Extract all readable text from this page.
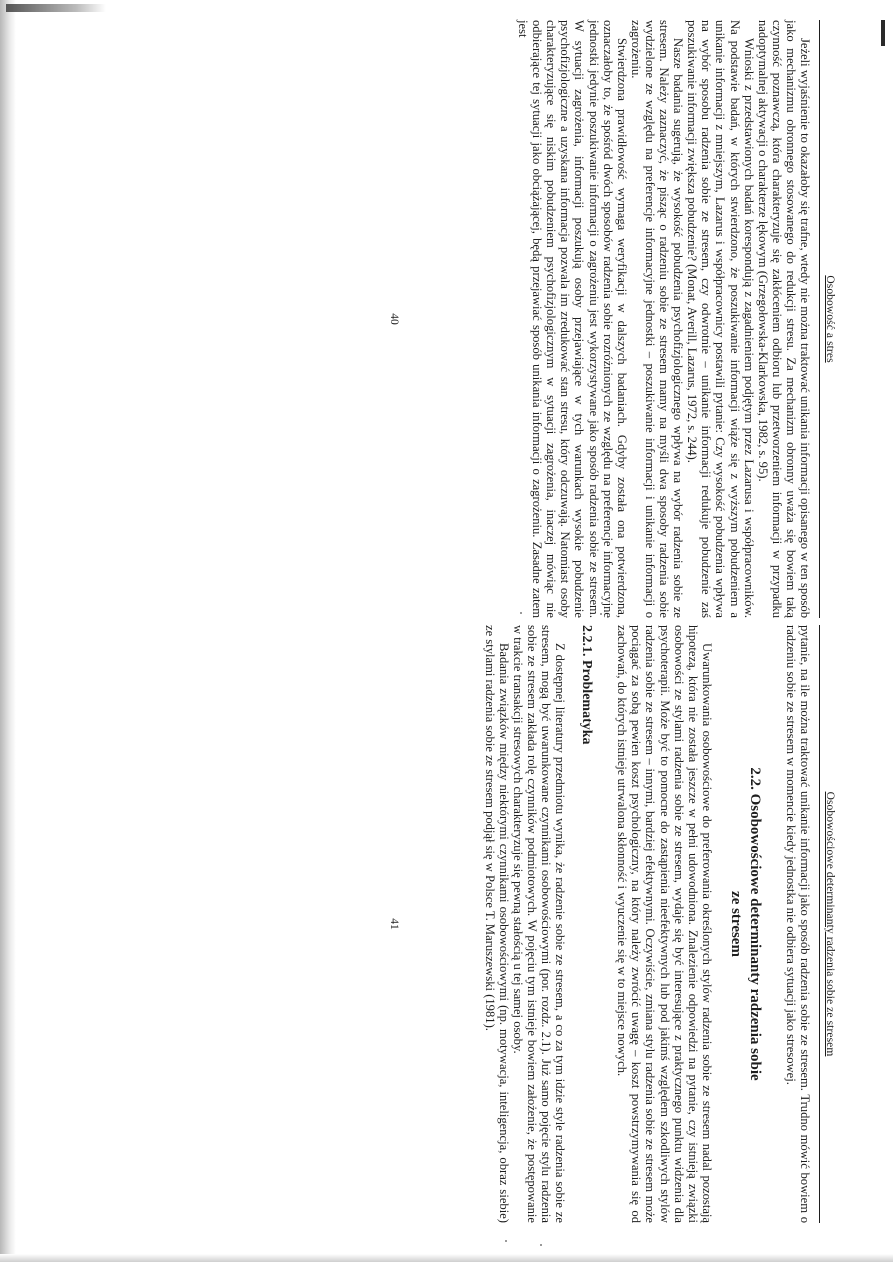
Osobowość a stres

Jeżeli wyjaśnienie to okazałoby się trafne, wtedy nie można traktować unikania informacji opisanego w ten sposób jako mechanizmu obronnego stosowanego do redukcji stresu. Za mechanizm obronny uważa się bowiem taką czynność poznawczą, która charakteryzuje się zakłóceniem odbioru lub przetworzeniem informacji w przypadku nadoptymalnej aktywacji o charakterze lękowym (Grzegołowska-Klarkowska, 1982, s. 95).

Wnioski z przedstawionych badań korespondują z zagadnieniem podjętym przez Lazarusa i współpracowników. Na podstawie badań, w których stwierdzono, że poszukiwanie informacji wiąże się z wyższym pobudzeniem a unikanie informacji z mniejszym, Lazarus i współpracownicy postawili pytanie: Czy wysokość pobudzenia wpływa na wybór sposobu radzenia sobie ze stresem, czy odwrotnie – unikanie informacji redukuje pobudzenie zaś poszukiwanie informacji zwiększa pobudzenie? (Monat, Averill, Lazarus, 1972, s. 244).

Nasze badania sugerują, że wysokość pobudzenia psychofizjologicznego wpływa na wybór radzenia sobie ze stresem. Należy zaznaczyć, że pisząc o radzeniu sobie ze stresem mamy na myśli dwa sposoby radzenia sobie wydzielone ze względu na preferencje informacyjne jednostki – poszukiwanie informacji i unikanie informacji o zagrożeniu.

Stwierdzona prawidłowość wymaga weryfikacji w dalszych badaniach. Gdyby została ona potwierdzona, oznaczałoby to, że spośród dwóch sposobów radzenia sobie rozróżnionych ze względu na preferencje informacyjne jednostki jedynie poszukiwanie informacji o zagrożeniu jest wykorzystywane jako sposób radzenia sobie ze stresem. W sytuacji zagrożenia, informacji poszukują osoby przejawiające w tych warunkach wysokie pobudzenie psychofizjologiczne a uzyskana informacja pozwala im zredukować stan stresu, który odczuwają. Natomiast osoby charakteryzujące się niskim pobudzeniem psychofizjologicznym w sytuacji zagrożenia, inaczej mówiąc nie odbierające tej sytuacji jako obciążającej, będą przejawiać sposób unikania informacji o zagrożeniu. Zasadne zatem jest

40
Osobowościowe determinanty radzenia sobie ze stresem

pytanie, na ile można traktować unikanie informacji jako sposób radzenia sobie ze stresem. Trudno mówić bowiem o radzeniu sobie ze stresem w momencie kiedy jednostka nie odbiera sytuacji jako stresowej.

2.2. Osobowościowe determinanty radzenia sobie
ze stresem

Uwarunkowania osobowościowe do preferowania określonych stylów radzenia sobie ze stresem nadal pozostają hipotezą, która nie została jeszcze w pełni udowodniona. Znalezienie odpowiedzi na pytanie, czy istnieją związki osobowości ze stylami radzenia sobie ze stresem, wydaje się być interesujące z praktycznego punktu widzenia dla psychoterapii. Może być to pomocne do zastąpienia nieefektywnych lub pod jakimś względem szkodliwych stylów radzenia sobie ze stresem – innymi, bardziej efektywnymi. Oczywiście, zmiana stylu radzenia sobie ze stresem może pociągać za sobą pewien koszt psychologiczny, na który należy zwrócić uwagę – koszt powstrzymywania się od zachowań, do których istnieje utrwalona skłonność i wyuczenie się w to miejsce nowych.

2.2.1. Problematyka

Z dostępnej literatury przedmiotu wynika, że radzenie sobie ze stresem, a co za tym idzie style radzenia sobie ze stresem, mogą być uwarunkowane czynnikami osobowościowymi (por. rozdz. 2.1). Już samo pojęcie stylu radzenia sobie ze stresem zakłada rolę czynników podmiotowych. W pojęciu tym istnieje bowiem założenie, że postępowanie w trakcie transakcji stresowych charakteryzuje się pewną stałością u tej samej osoby.

Badania związków między niektórymi czynnikami osobowościowymi (np. motywacja, inteligencja, obraz siebie) ze stylami radzenia sobie ze stresem podjął się w Polsce T. Maruszewski (1981).

41
